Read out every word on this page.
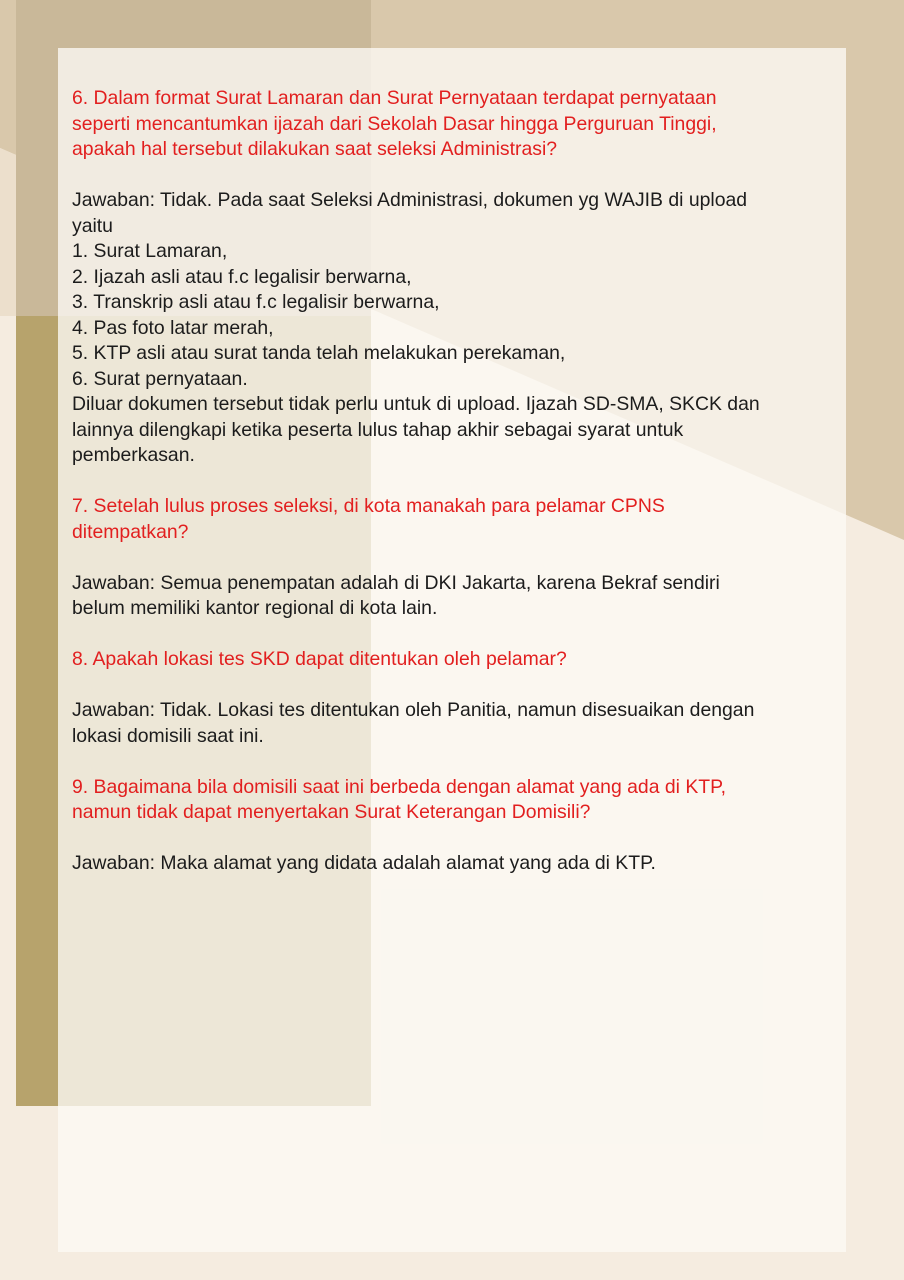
6. Dalam format Surat Lamaran dan Surat Pernyataan terdapat pernyataan
seperti mencantumkan ijazah dari Sekolah Dasar hingga Perguruan Tinggi,
apakah hal tersebut dilakukan saat seleksi Administrasi?

Jawaban: Tidak. Pada saat Seleksi Administrasi, dokumen yg WAJIB di upload
yaitu
1. Surat Lamaran,
2. Ijazah asli atau f.c legalisir berwarna,
3. Transkrip asli atau f.c legalisir berwarna,
4. Pas foto latar merah,
5. KTP asli atau surat tanda telah melakukan perekaman,
6. Surat pernyataan.
Diluar dokumen tersebut tidak perlu untuk di upload. Ijazah SD-SMA, SKCK dan
lainnya dilengkapi ketika peserta lulus tahap akhir sebagai syarat untuk
pemberkasan.

7. Setelah lulus proses seleksi, di kota manakah para pelamar CPNS
ditempatkan?

Jawaban: Semua penempatan adalah di DKI Jakarta, karena Bekraf sendiri
belum memiliki kantor regional di kota lain.

8. Apakah lokasi tes SKD dapat ditentukan oleh pelamar?

Jawaban: Tidak. Lokasi tes ditentukan oleh Panitia, namun disesuaikan dengan
lokasi domisili saat ini.

9. Bagaimana bila domisili saat ini berbeda dengan alamat yang ada di KTP,
namun tidak dapat menyertakan Surat Keterangan Domisili?

Jawaban: Maka alamat yang didata adalah alamat yang ada di KTP.
